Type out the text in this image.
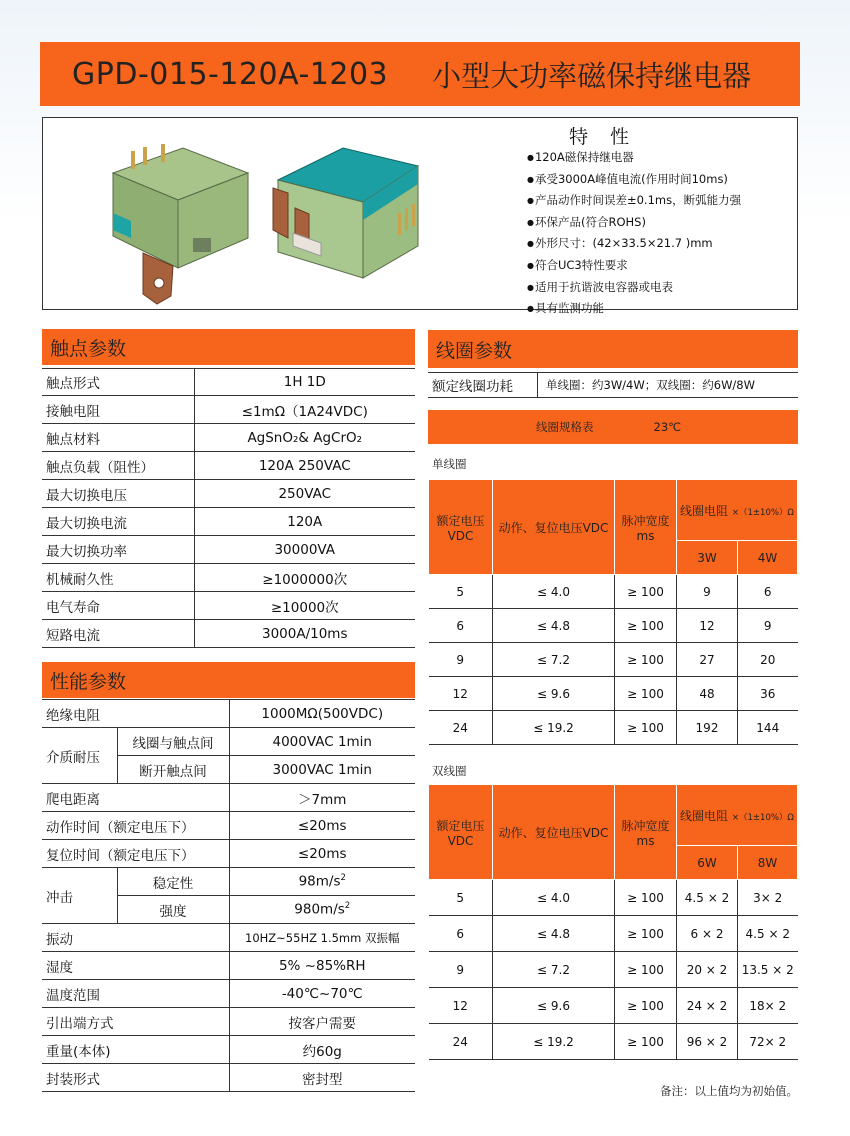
GPD-015-120A-1203 小型大功率磁保持继电器
特性
● 120A磁保持继电器
● 承受3000A峰值电流(作用时间10ms)
● 产品动作时间误差±0.1ms，断弧能力强
● 环保产品(符合ROHS)
● 外形尺寸：(42×33.5×21.7 )mm
● 符合UC3特性要求
● 适用于抗谐波电容器或电表
● 具有监测功能
触点参数
触点形式	1H 1D
接触电阻	≤1mΩ（1A24VDC)
触点材料	AgSnO₂& AgCrO₂
触点负载（阻性）	120A 250VAC
最大切换电压	250VAC
最大切换电流	120A
最大切换功率	30000VA
机械耐久性	≥1000000次
电气寿命	≥10000次
短路电流	3000A/10ms
性能参数
绝缘电阻		1000MΩ(500VDC)
介质耐压	线圈与触点间	4000VAC 1min
	断开触点间	3000VAC 1min
爬电距离		＞7mm
动作时间（额定电压下）		≤20ms
复位时间（额定电压下）		≤20ms
冲击	稳定性	98m/s$^2$
	强度	980m/s$^2$
振动		10HZ~55HZ 1.5mm 双振幅
湿度		5% ~85%RH
温度范围		-40℃~70℃
引出端方式		按客户需要
重量(本体)		约60g
封装形式		密封型
线圈参数
额定线圈功耗	单线圈：约3W/4W；双线圈：约6W/8W
线圈规格表	23℃
单线圈
额定电压VDC	动作、复位电压VDC	脉冲宽度ms	线圈电阻 ×（1±10%）Ω	
			3W	4W
5	≤ 4.0	≥ 100	9	6
6	≤ 4.8	≥ 100	12	9
9	≤ 7.2	≥ 100	27	20
12	≤ 9.6	≥ 100	48	36
24	≤ 19.2	≥ 100	192	144
双线圈
额定电压VDC	动作、复位电压VDC	脉冲宽度ms	线圈电阻 ×（1±10%）Ω	
			6W	8W
5	≤ 4.0	≥ 100	4.5 × 2	3× 2
6	≤ 4.8	≥ 100	6 × 2	4.5 × 2
9	≤ 7.2	≥ 100	20 × 2	13.5 × 2
12	≤ 9.6	≥ 100	24 × 2	18× 2
24	≤ 19.2	≥ 100	96 × 2	72× 2
备注：以上值均为初始值。
